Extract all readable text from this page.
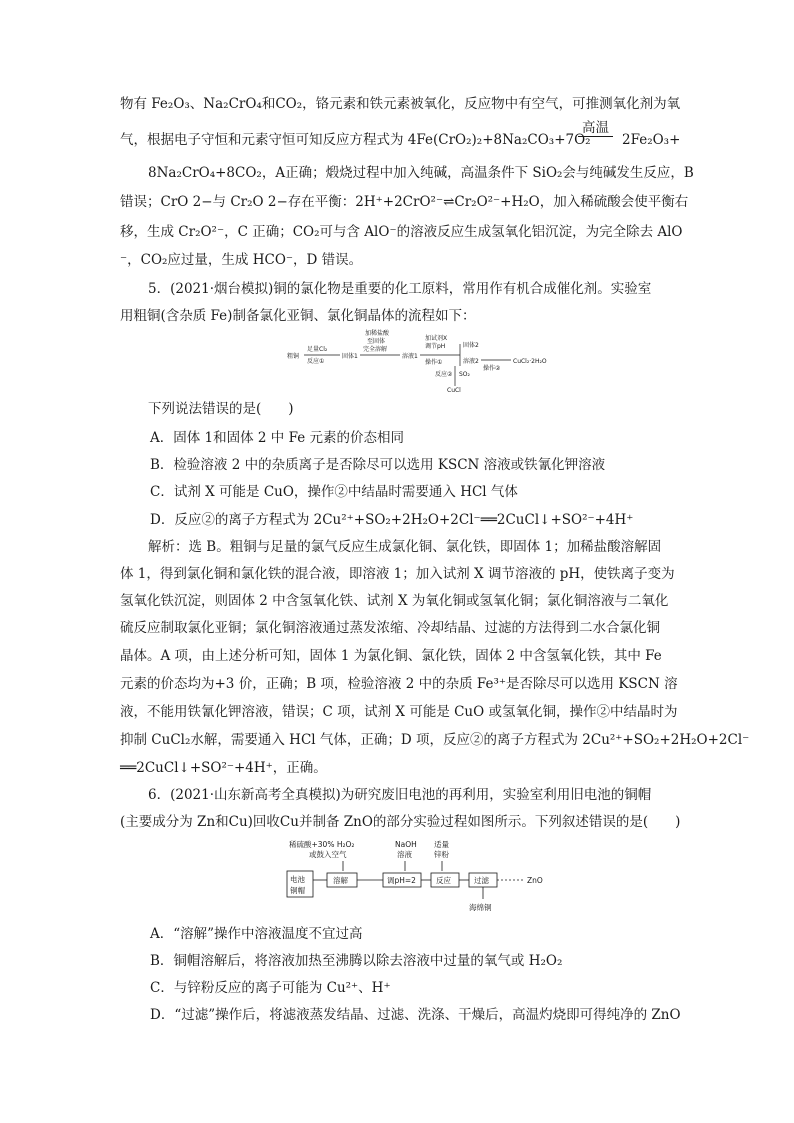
物有 Fe₂O₃、Na₂CrO₄和CO₂，铬元素和铁元素被氧化，反应物中有空气，可推测氧化剂为氧
气，根据电子守恒和元素守恒可知反应方程式为 4Fe(CrO₂)₂+8Na₂CO₃+7O₂
高温
2Fe₂O₃+
8Na₂CrO₄+8CO₂，A正确；煅烧过程中加入纯碱，高温条件下 SiO₂会与纯碱发生反应，B
错误；CrO 2−与 Cr₂O 2−存在平衡：2H⁺+2CrO²⁻⇌Cr₂O²⁻+H₂O，加入稀硫酸会使平衡右
移，生成 Cr₂O²⁻，C 正确；CO₂可与含 AlO⁻的溶液反应生成氢氧化铝沉淀，为完全除去 AlO
⁻，CO₂应过量，生成 HCO⁻，D 错误。
5．(2021·烟台模拟)铜的氯化物是重要的化工原料，常用作有机合成催化剂。实验室
用粗铜(含杂质 Fe)制备氯化亚铜、氯化铜晶体的流程如下：
粗铜
足量Cl₂
反应①
固体1
加稀盐酸
至固体
完全溶解
溶液1
加试剂X
调节pH
操作①
固体2
溶液2
操作②
CuCl₂·2H₂O
反应② SO₂
CuCl
下列说法错误的是(　　)
A．固体 1和固体 2 中 Fe 元素的价态相同
B．检验溶液 2 中的杂质离子是否除尽可以选用 KSCN 溶液或铁氰化钾溶液
C．试剂 X 可能是 CuO，操作②中结晶时需要通入 HCl 气体
D．反应②的离子方程式为 2Cu²⁺+SO₂+2H₂O+2Cl⁻══2CuCl↓+SO²⁻+4H⁺
解析：选 B。粗铜与足量的氯气反应生成氯化铜、氯化铁，即固体 1；加稀盐酸溶解固
体 1，得到氯化铜和氯化铁的混合液，即溶液 1；加入试剂 X 调节溶液的 pH，使铁离子变为
氢氧化铁沉淀，则固体 2 中含氢氧化铁、试剂 X 为氧化铜或氢氧化铜；氯化铜溶液与二氧化
硫反应制取氯化亚铜；氯化铜溶液通过蒸发浓缩、冷却结晶、过滤的方法得到二水合氯化铜
晶体。A 项，由上述分析可知，固体 1 为氯化铜、氯化铁，固体 2 中含氢氧化铁，其中 Fe
元素的价态均为+3 价，正确；B 项，检验溶液 2 中的杂质 Fe³⁺是否除尽可以选用 KSCN 溶
液，不能用铁氰化钾溶液，错误；C 项，试剂 X 可能是 CuO 或氢氧化铜，操作②中结晶时为
抑制 CuCl₂水解，需要通入 HCl 气体，正确；D 项，反应②的离子方程式为 2Cu²⁺+SO₂+2H₂O+2Cl⁻
══2CuCl↓+SO²⁻+4H⁺，正确。
6．(2021·山东新高考全真模拟)为研究废旧电池的再利用，实验室利用旧电池的铜帽
(主要成分为 Zn和Cu)回收Cu并制备 ZnO的部分实验过程如图所示。下列叙述错误的是(　　)
稀硫酸+30% H₂O₂
或鼓入空气
NaOH
溶液
适量
锌粉
电池
铜帽
溶解	调pH=2	反应	过滤	ZnO
海绵铜
A．“溶解”操作中溶液温度不宜过高
B．铜帽溶解后，将溶液加热至沸腾以除去溶液中过量的氧气或 H₂O₂
C．与锌粉反应的离子可能为 Cu²⁺、H⁺
D．“过滤”操作后，将滤液蒸发结晶、过滤、洗涤、干燥后，高温灼烧即可得纯净的 ZnO
